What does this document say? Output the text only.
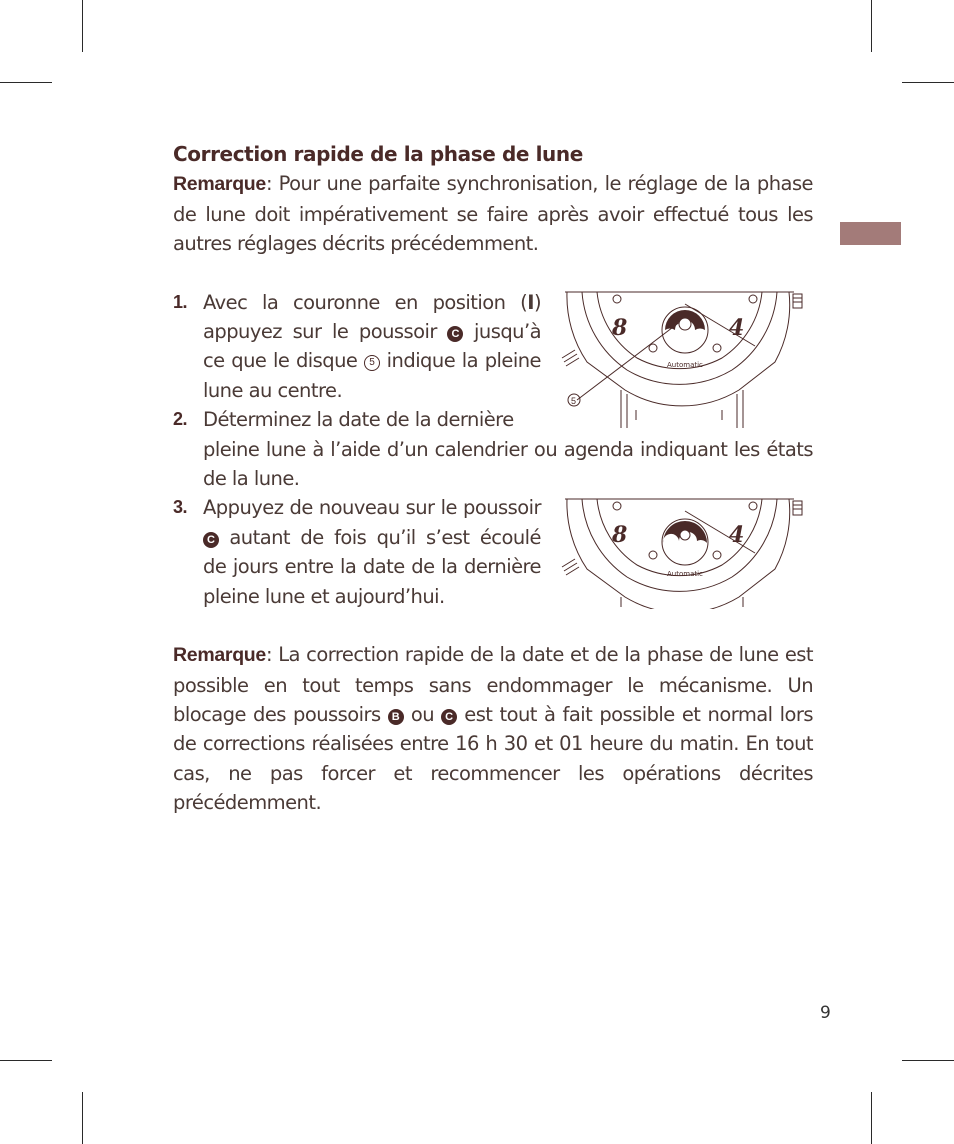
Correction rapide de la phase de lune

Remarque: Pour une parfaite synchronisation, le réglage de la phase de lune doit impérativement se faire après avoir effectué tous les autres réglages décrits précédemment.

1. Avec la couronne en position (I) appuyez sur le poussoir C jusqu’à ce que le disque 5 indique la pleine lune au centre.
2. Déterminez la date de la dernière
pleine lune à l’aide d’un calendrier ou agenda indiquant les états de la lune.
3. Appuyez de nouveau sur le poussoir C autant de fois qu’il s’est écoulé de jours entre la date de la dernière pleine lune et aujourd’hui.

Remarque: La correction rapide de la date et de la phase de lune est possible en tout temps sans endommager le mécanisme. Un blocage des poussoirs B ou C est tout à fait possible et normal lors de corrections réalisées entre 16 h 30 et 01 heure du matin. En tout cas, ne pas forcer et recommencer les opérations décrites précédemment.

8	4
Automatic
5
8	4
Automatic
9
